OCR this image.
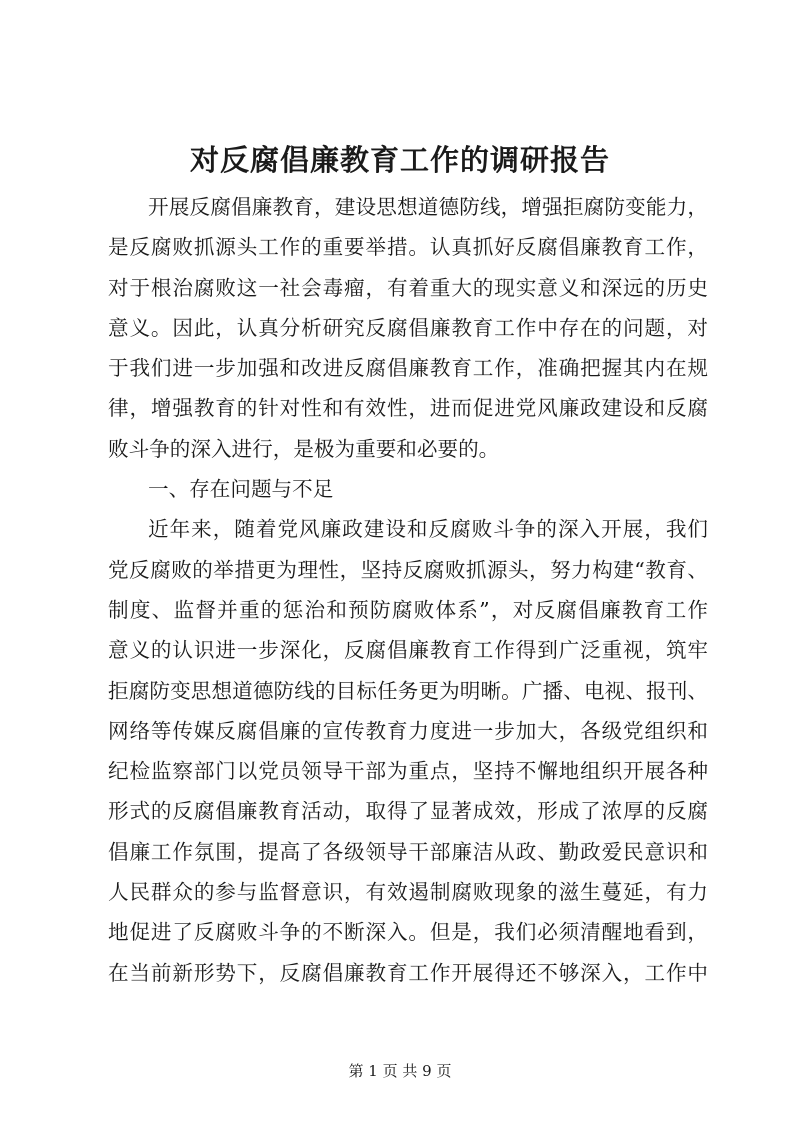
对反腐倡廉教育工作的调研报告
开展反腐倡廉教育，建设思想道德防线，增强拒腐防变能力，
是反腐败抓源头工作的重要举措。认真抓好反腐倡廉教育工作，
对于根治腐败这一社会毒瘤，有着重大的现实意义和深远的历史
意义。因此，认真分析研究反腐倡廉教育工作中存在的问题，对
于我们进一步加强和改进反腐倡廉教育工作，准确把握其内在规
律，增强教育的针对性和有效性，进而促进党风廉政建设和反腐
败斗争的深入进行，是极为重要和必要的。
一、存在问题与不足
近年来，随着党风廉政建设和反腐败斗争的深入开展，我们
党反腐败的举措更为理性，坚持反腐败抓源头，努力构建“教育、
制度、监督并重的惩治和预防腐败体系”，对反腐倡廉教育工作
意义的认识进一步深化，反腐倡廉教育工作得到广泛重视，筑牢
拒腐防变思想道德防线的目标任务更为明晰。广播、电视、报刊、
网络等传媒反腐倡廉的宣传教育力度进一步加大，各级党组织和
纪检监察部门以党员领导干部为重点，坚持不懈地组织开展各种
形式的反腐倡廉教育活动，取得了显著成效，形成了浓厚的反腐
倡廉工作氛围，提高了各级领导干部廉洁从政、勤政爱民意识和
人民群众的参与监督意识，有效遏制腐败现象的滋生蔓延，有力
地促进了反腐败斗争的不断深入。但是，我们必须清醒地看到，
在当前新形势下，反腐倡廉教育工作开展得还不够深入，工作中
第 1 页 共 9 页
